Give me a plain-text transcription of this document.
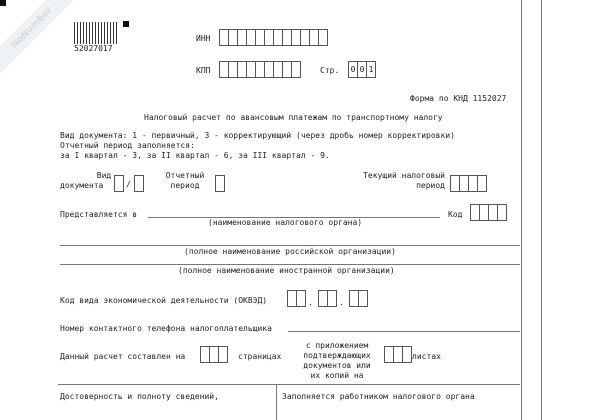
NoNumber	52027017
ИНН
КПП	Стр.	0 0 1
Форма по КНД 1152027
Налоговый расчет по авансовым платежам по транспортному налогу
Вид документа: 1 - первичный, 3 - корректирующий (через дробь номер корректировки)
Отчетный период заполняется:
за I квартал - 3, за II квартал - 6, за III квартал - 9.
Вид
документа	/
Отчетный
период
Текущий налоговый
период
Представляется в
(наименование налогового органа)
Код
(полное наименование российской организации)
(полное наименование иностранной организации)
Код вида экономической деятельности (ОКВЭД)	.	.
Номер контактного телефона налогоплательщика
Данный расчет составлен на	страницах
с приложением
подтверждающих
документов или
их копий на
листах
Достоверность и полноту сведений,	Заполняется работником налогового органа
